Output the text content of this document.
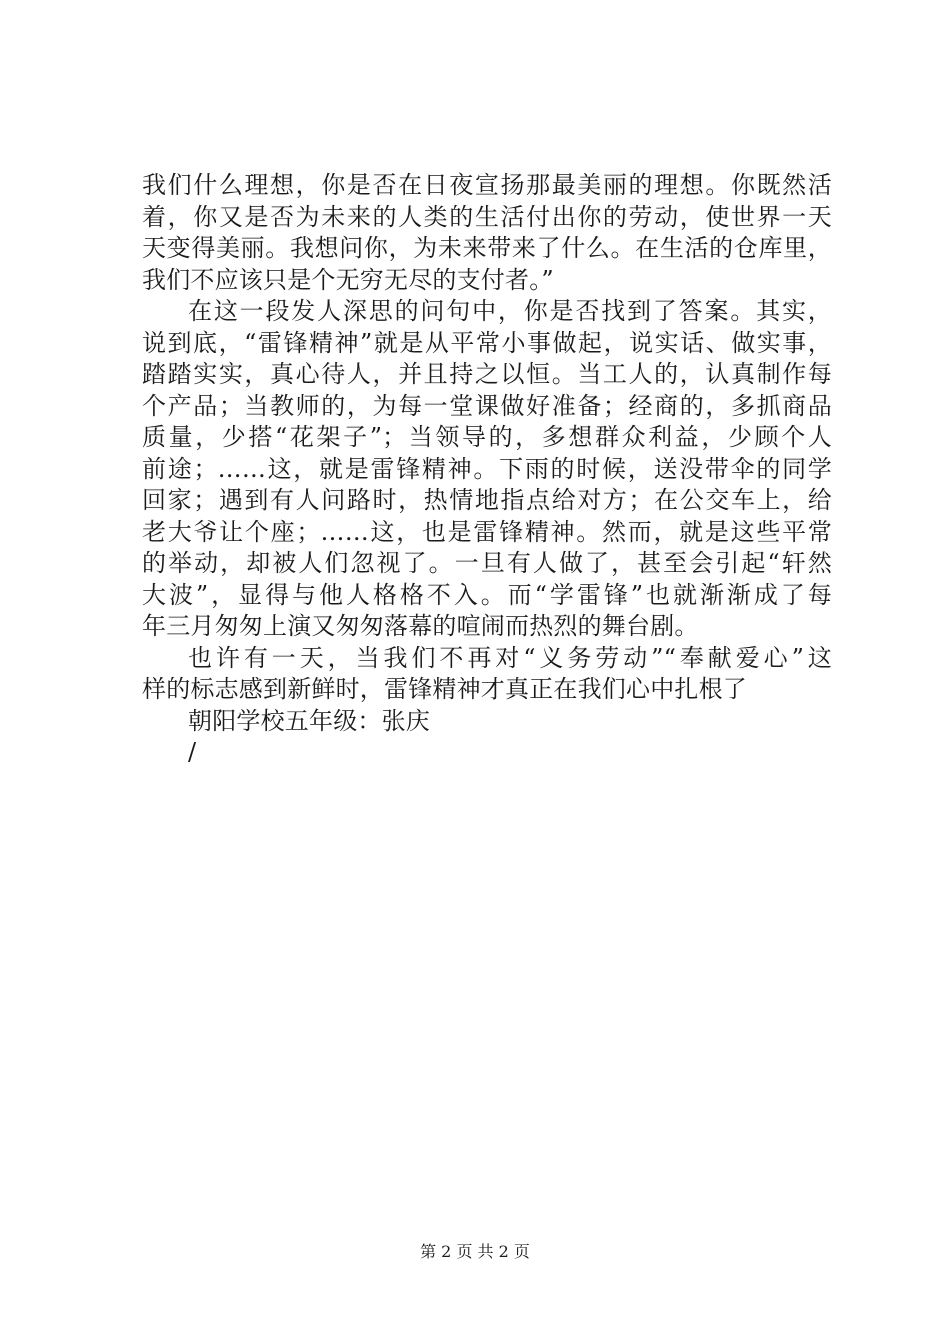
我们什么理想，你是否在日夜宣扬那最美丽的理想。你既然活
着，你又是否为未来的人类的生活付出你的劳动，使世界一天
天变得美丽。我想问你，为未来带来了什么。在生活的仓库里，
我们不应该只是个无穷无尽的支付者。”
在这一段发人深思的问句中，你是否找到了答案。其实，
说到底，“雷锋精神”就是从平常小事做起，说实话、做实事，
踏踏实实，真心待人，并且持之以恒。当工人的，认真制作每
个产品；当教师的，为每一堂课做好准备；经商的，多抓商品
质量，少搭“花架子”；当领导的，多想群众利益，少顾个人
前途；……这，就是雷锋精神。下雨的时候，送没带伞的同学
回家；遇到有人问路时，热情地指点给对方；在公交车上，给
老大爷让个座；……这，也是雷锋精神。然而，就是这些平常
的举动，却被人们忽视了。一旦有人做了，甚至会引起“轩然
大波”，显得与他人格格不入。而“学雷锋”也就渐渐成了每
年三月匆匆上演又匆匆落幕的喧闹而热烈的舞台剧。
也许有一天，当我们不再对“义务劳动”“奉献爱心”这
样的标志感到新鲜时，雷锋精神才真正在我们心中扎根了
朝阳学校五年级：张庆
/
第 2 页 共 2 页
